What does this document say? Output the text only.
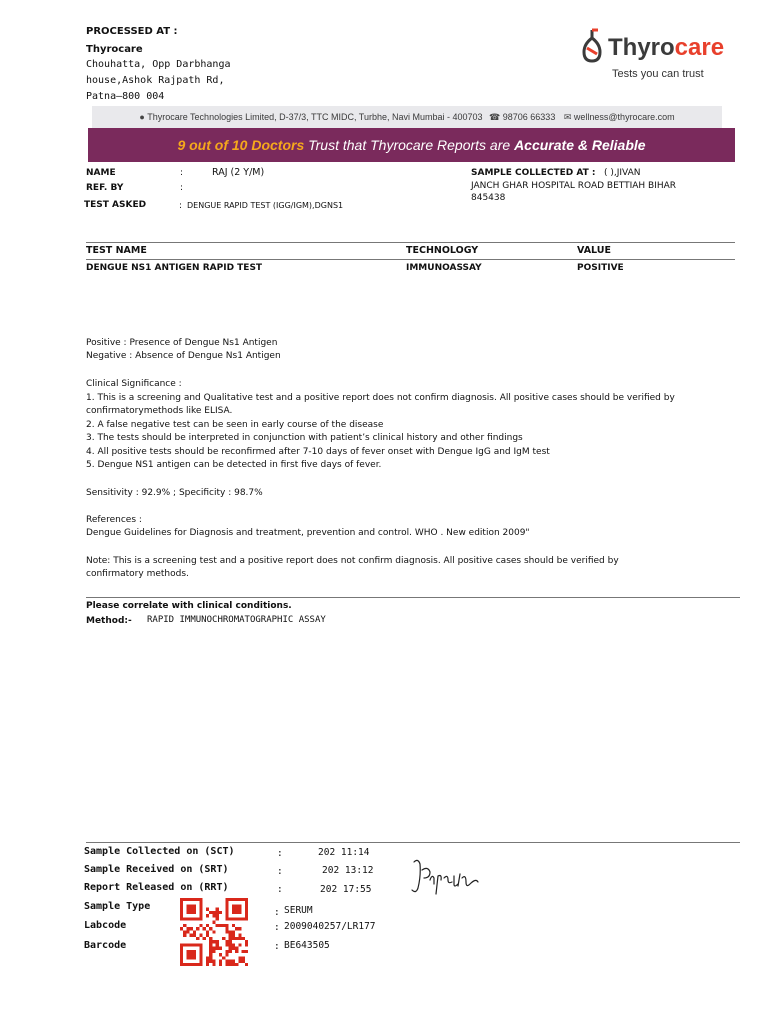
PROCESSED AT :
Thyrocare
Chouhatta, Opp Darbhanga
house,Ashok Rajpath Rd,
Patna–800 004
Thyrocare
Tests you can trust
● Thyrocare Technologies Limited, D-37/3, TTC MIDC, Turbhe, Navi Mumbai - 400703 ☎ 98706 66333 ✉ wellness@thyrocare.com
9 out of 10 Doctors Trust that Thyrocare Reports are Accurate & Reliable
NAME	:	RAJ (2 Y/M)
REF. BY	:
TEST ASKED	: DENGUE RAPID TEST (IGG/IGM),DGNS1
SAMPLE COLLECTED AT : ( ),JIVAN
JANCH GHAR HOSPITAL ROAD BETTIAH BIHAR
845438
TEST NAME	TECHNOLOGY	VALUE
DENGUE NS1 ANTIGEN RAPID TEST	IMMUNOASSAY	POSITIVE
Positive : Presence of Dengue Ns1 Antigen
Negative : Absence of Dengue Ns1 Antigen
Clinical Significance :
1. This is a screening and Qualitative test and a positive report does not confirm diagnosis. All positive cases should be verified by
confirmatorymethods like ELISA.
2. A false negative test can be seen in early course of the disease
3. The tests should be interpreted in conjunction with patient’s clinical history and other findings
4. All positive tests should be reconfirmed after 7-10 days of fever onset with Dengue IgG and IgM test
5. Dengue NS1 antigen can be detected in first five days of fever.
Sensitivity : 92.9% ; Specificity : 98.7%
References :
Dengue Guidelines for Diagnosis and treatment, prevention and control. WHO . New edition 2009"
Note: This is a screening test and a positive report does not confirm diagnosis. All positive cases should be verified by
confirmatory methods.
Please correlate with clinical conditions.
Method:- RAPID IMMUNOCHROMATOGRAPHIC ASSAY
Sample Collected on (SCT)	:	202 11:14
Sample Received on (SRT)	:	202 13:12
Report Released on (RRT)	:	202 17:55
Sample Type
: SERUM
Labcode	: 2009040257/LR177
Barcode	: BE643505
